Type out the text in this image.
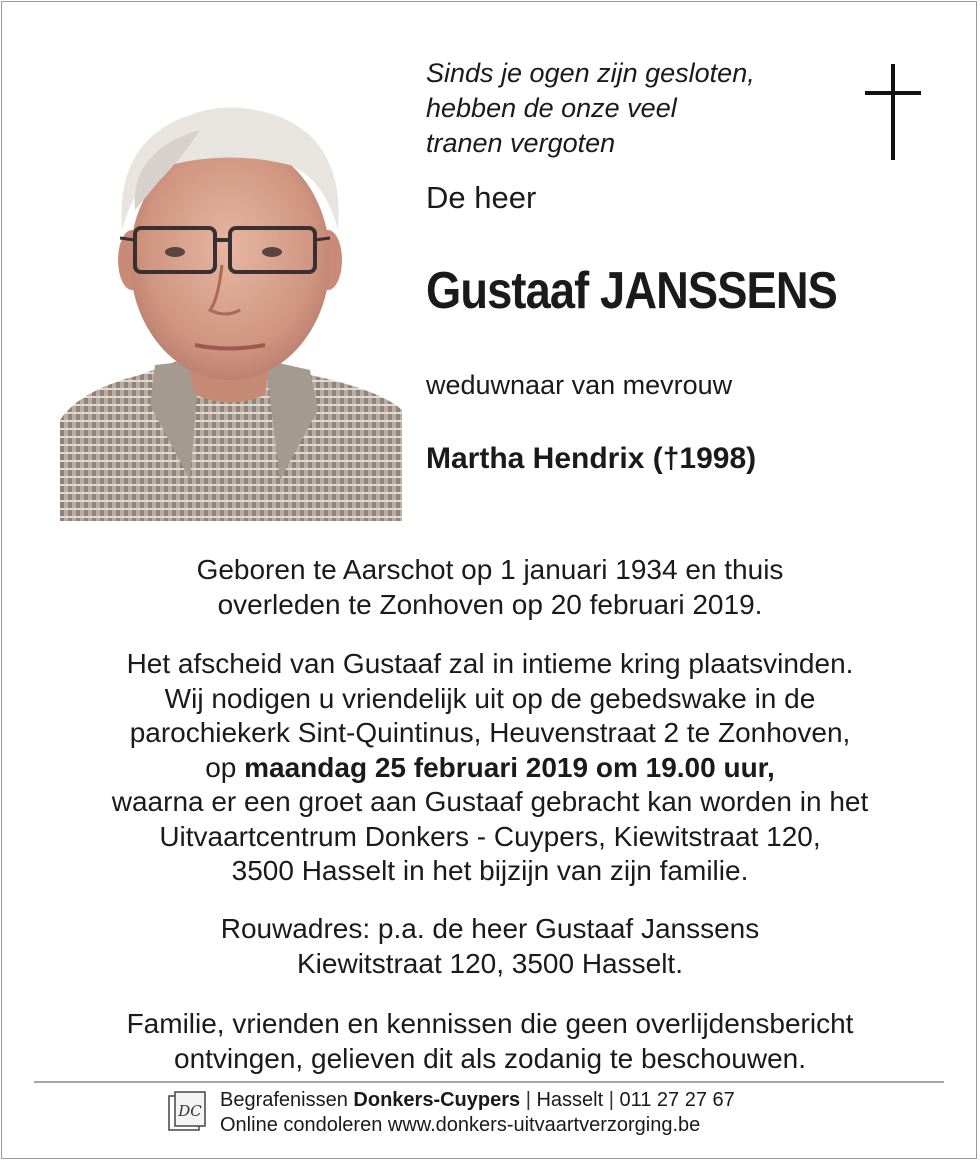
Sinds je ogen zijn gesloten,
hebben de onze veel
tranen vergoten
De heer
Gustaaf JANSSENS
weduwnaar van mevrouw
Martha Hendrix (†1998)
Geboren te Aarschot op 1 januari 1934 en thuis
overleden te Zonhoven op 20 februari 2019.
Het afscheid van Gustaaf zal in intieme kring plaatsvinden.
Wij nodigen u vriendelijk uit op de gebedswake in de
parochiekerk Sint-Quintinus, Heuvenstraat 2 te Zonhoven,
op maandag 25 februari 2019 om 19.00 uur,
waarna er een groet aan Gustaaf gebracht kan worden in het
Uitvaartcentrum Donkers - Cuypers, Kiewitstraat 120,
3500 Hasselt in het bijzijn van zijn familie.
Rouwadres: p.a. de heer Gustaaf Janssens
Kiewitstraat 120, 3500 Hasselt.
Familie, vrienden en kennissen die geen overlijdensbericht
ontvingen, gelieven dit als zodanig te beschouwen.
DC Begrafenissen Donkers-Cuypers | Hasselt | 011 27 27 67
Online condoleren www.donkers-uitvaartverzorging.be
